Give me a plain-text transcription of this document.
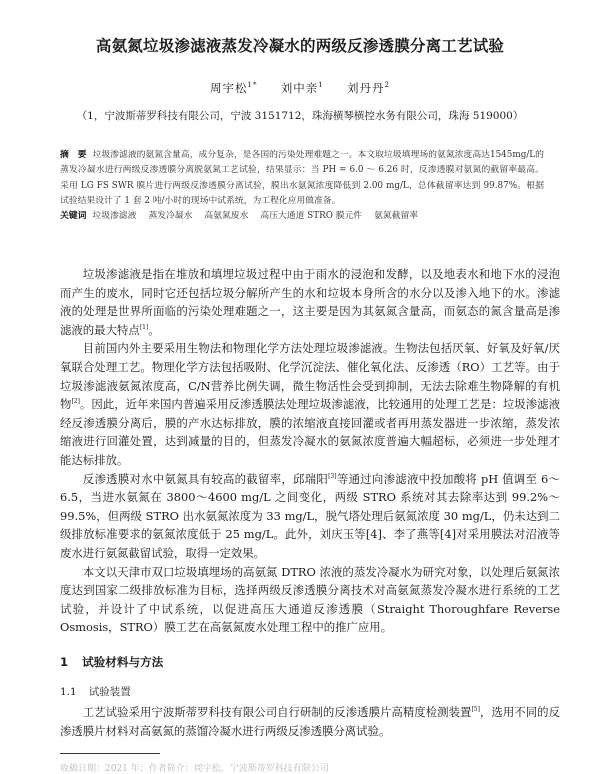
高氨氮垃圾渗滤液蒸发冷凝水的两级反渗透膜分离工艺试验
周宇松$^{1*}$ 刘中亲$^1$ 刘丹丹$^2$
（1，宁波斯蒂罗科技有限公司，宁波 3151712，珠海横琴横控水务有限公司，珠海 519000）

摘　要 垃圾渗滤液的氨氮含量高，成分复杂，是各国的污染处理难题之一。本文取垃圾填埋场的氨氮浓度高达1545mg/L的蒸发冷凝水进行两级反渗透膜分离脱氨氮工艺试验，结果显示：当 PH = 6.0 ～ 6.26 时，反渗透膜对氨氮的截留率最高。采用 LG FS SWR 膜片进行两级反渗透膜分离试验，膜出水氨氮浓度降低到 2.00 mg/L，总体截留率达到 99.87%。根据试验结果设计了 1 套 2 吨/小时的现场中试系统，为工程化应用做准备。

关键词 垃圾渗滤液 蒸发冷凝水 高氨氮废水 高压大通道 STRO 膜元件 氨氮截留率

垃圾渗滤液是指在堆放和填埋垃圾过程中由于雨水的浸泡和发酵，以及地表水和地下水的浸泡而产生的废水，同时它还包括垃圾分解所产生的水和垃圾本身所含的水分以及渗入地下的水。渗滤液的处理是世界所面临的污染处理难题之一，这主要是因为其氨氮含量高，而氨态的氮含量高是渗滤液的最大特点[1]。

目前国内外主要采用生物法和物理化学方法处理垃圾渗滤液。生物法包括厌氧、好氧及好氧/厌氧联合处理工艺。物理化学方法包括吸附、化学沉淀法、催化氧化法、反渗透（RO）工艺等。由于垃圾渗滤液氨氮浓度高，C/N营养比例失调，微生物活性会受到抑制，无法去除难生物降解的有机物[2]。因此，近年来国内普遍采用反渗透膜法处理垃圾渗滤液，比较通用的处理工艺是：垃圾渗滤液经反渗透膜分离后，膜的产水达标排放，膜的浓缩液直接回灌或者再用蒸发器进一步浓缩，蒸发浓缩液进行回灌处置，达到减量的目的，但蒸发冷凝水的氨氮浓度普遍大幅超标，必须进一步处理才能达标排放。

反渗透膜对水中氨氮具有较高的截留率，邱瑞阳[3]等通过向渗滤液中投加酸将 pH 值调至 6～6.5，当进水氨氮在 3800～4600 mg/L 之间变化，两级 STRO 系统对其去除率达到 99.2%～99.5%，但两级 STRO 出水氨氮浓度为 33 mg/L，脱气塔处理后氨氮浓度 30 mg/L，仍未达到二级排放标准要求的氨氮浓度低于 25 mg/L。此外，刘庆玉等[4]、李了燕等[4]对采用膜法对沼液等废水进行氨氮截留试验，取得一定效果。

本文以天津市双口垃圾填埋场的高氨氮 DTRO 浓液的蒸发冷凝水为研究对象，以处理后氨氮浓度达到国家二级排放标准为目标，选择两级反渗透膜分离技术对高氨氮蒸发冷凝水进行系统的工艺试验，并设计了中试系统，以促进高压大通道反渗透膜（Straight Thoroughfare Reverse Osmosis，STRO）膜工艺在高氨氮废水处理工程中的推广应用。

1 试验材料与方法
1.1 试验装置

工艺试验采用宁波斯蒂罗科技有限公司自行研制的反渗透膜片高精度检测装置[5]，选用不同的反渗透膜片材料对高氨氮的蒸馏冷凝水进行两级反渗透膜分离试验。

收稿日期：2021 年；作者简介：周宇松，宁波斯蒂罗科技有限公司
